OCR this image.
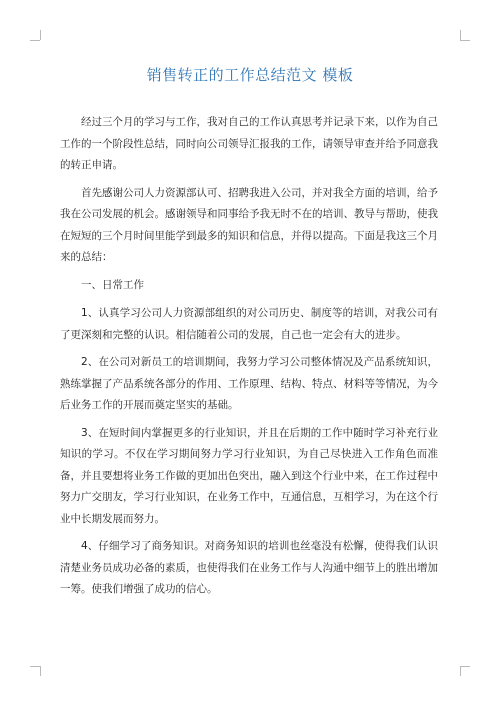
销售转正的工作总结范文 模板

经过三个月的学习与工作，我对自己的工作认真思考并记录下来，以作为自己工作的一个阶段性总结，同时向公司领导汇报我的工作，请领导审查并给予同意我的转正申请。

首先感谢公司人力资源部认可、招聘我进入公司，并对我全方面的培训，给予我在公司发展的机会。感谢领导和同事给予我无时不在的培训、教导与帮助，使我在短短的三个月时间里能学到最多的知识和信息，并得以提高。下面是我这三个月来的总结：

一、日常工作

1、认真学习公司人力资源部组织的对公司历史、制度等的培训，对我公司有了更深刻和完整的认识。相信随着公司的发展，自己也一定会有大的进步。

2、在公司对新员工的培训期间，我努力学习公司整体情况及产品系统知识，熟练掌握了产品系统各部分的作用、工作原理、结构、特点、材料等等情况，为今后业务工作的开展而奠定坚实的基础。

3、在短时间内掌握更多的行业知识，并且在后期的工作中随时学习补充行业知识的学习。不仅在学习期间努力学习行业知识，为自己尽快进入工作角色而准备，并且要想将业务工作做的更加出色突出，融入到这个行业中来，在工作过程中努力广交朋友，学习行业知识，在业务工作中，互通信息，互相学习，为在这个行业中长期发展而努力。

4、仔细学习了商务知识。对商务知识的培训也丝毫没有松懈，使得我们认识清楚业务员成功必备的素质，也使得我们在业务工作与人沟通中细节上的胜出增加一筹。使我们增强了成功的信心。
